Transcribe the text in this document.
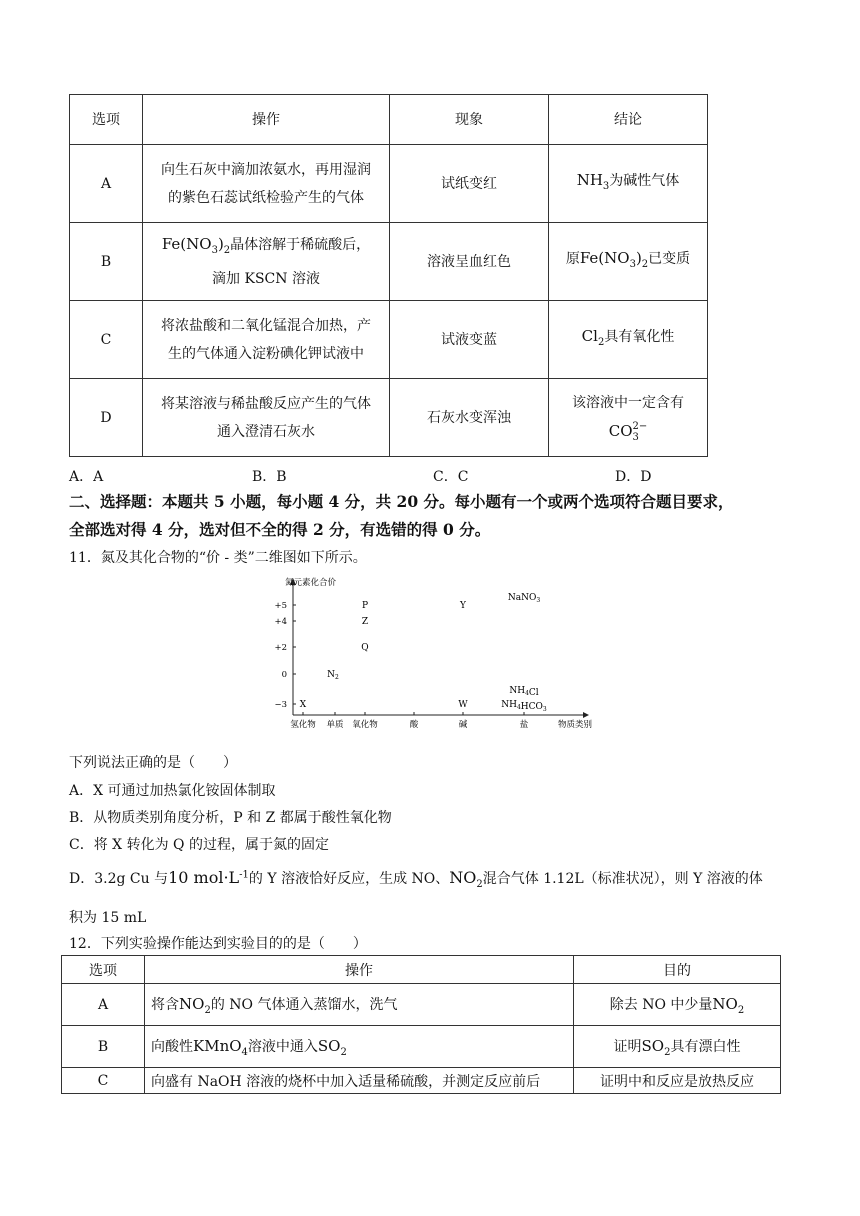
选项	操作	现象	结论
A	向生石灰中滴加浓氨水，再用湿润
的紫色石蕊试纸检验产生的气体	试纸变红	$NH_3$为碱性气体
B	$Fe(NO_3)_2$晶体溶解于稀硫酸后，
滴加 KSCN 溶液	溶液呈血红色	原$Fe(NO_3)_2$已变质
C	将浓盐酸和二氧化锰混合加热，产
生的气体通入淀粉碘化钾试液中	试液变蓝	$Cl_2$具有氧化性
D	将某溶液与稀盐酸反应产生的气体
通入澄清石灰水	石灰水变浑浊	该溶液中一定含有
CO2−
3
A．A	B．B	C．C	D．D
二、选择题：本题共 5 小题，每小题 4 分，共 20 分。每小题有一个或两个选项符合题目要求，
全部选对得 4 分，选对但不全的得 2 分，有选错的得 0 分。
11．氮及其化合物的“价 - 类”二维图如下所示。
氮元素化合价
+5
+4
+2
0
−3
氢化物 单质 氧化物	酸	碱	盐	物质类别
X
$N_2$
P
Z
Q
Y
W
NaNO$_3$
$NH_4Cl$
$NH_4HCO_3$
下列说法正确的是（　　）
A．X 可通过加热氯化铵固体制取
B．从物质类别角度分析，P 和 Z 都属于酸性氧化物
C．将 X 转化为 Q 的过程，属于氮的固定
D．3.2g Cu 与10 $mol\cdot L^{-1}$的 Y 溶液恰好反应，生成 NO、$NO_2$混合气体 1.12L（标准状况），则 Y 溶液的体
积为 15 mL
12．下列实验操作能达到实验目的的是（　　）
选项	操作	目的
A	将含$NO_2$的 NO 气体通入蒸馏水，洗气	除去 NO 中少量$NO_2$
B	向酸性KMnO$_4$溶液中通入$SO_2$	证明$SO_2$具有漂白性
C	向盛有 NaOH 溶液的烧杯中加入适量稀硫酸，并测定反应前后	证明中和反应是放热反应
